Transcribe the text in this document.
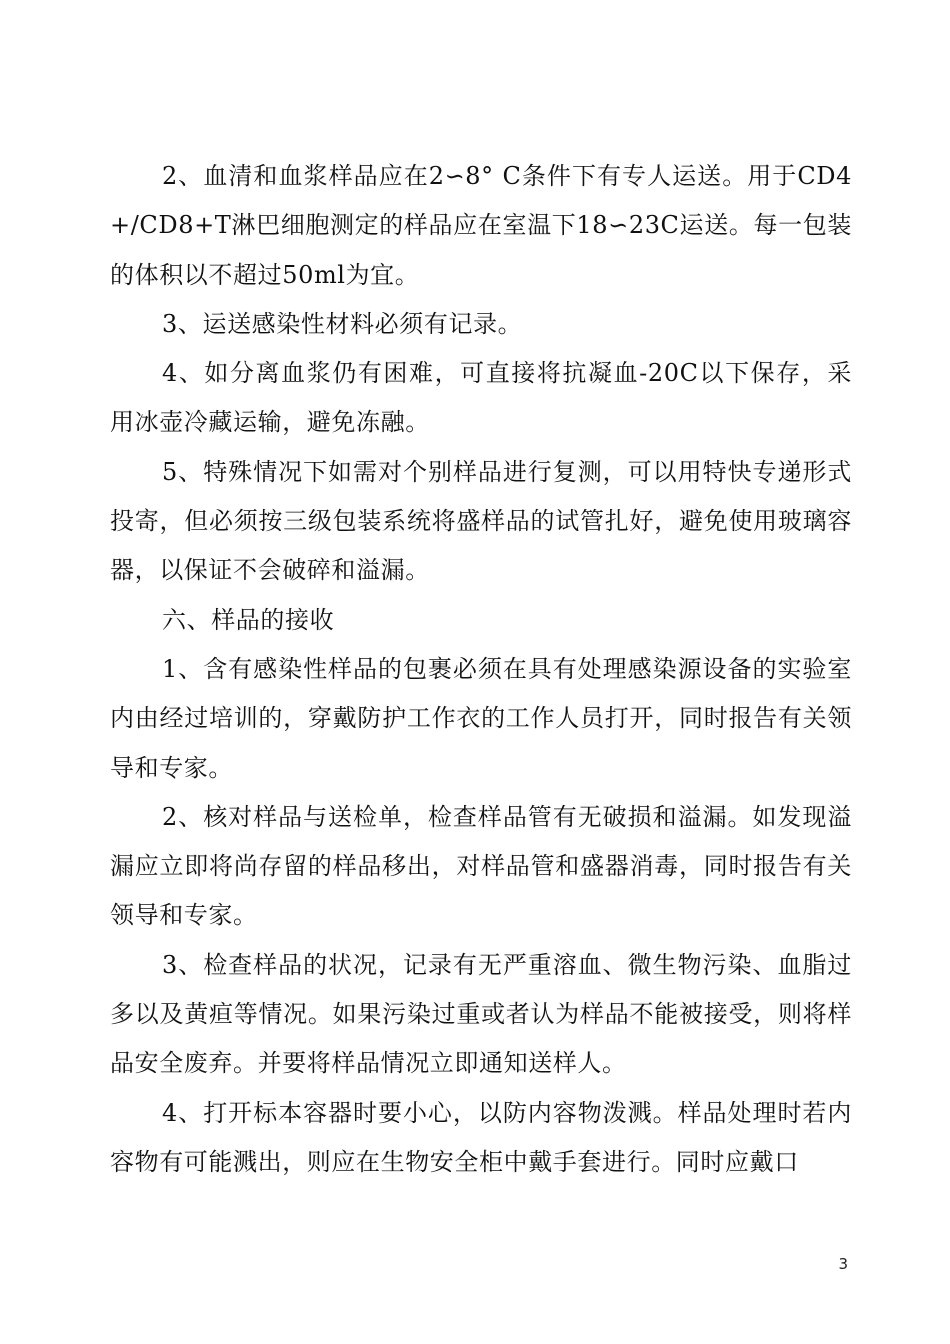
2、血清和血浆样品应在2∽8° C条件下有专人运送。用于CD4+/CD8+T淋巴细胞测定的样品应在室温下18∽23C运送。每一包装的体积以不超过50ml为宜。

3、运送感染性材料必须有记录。

4、如分离血浆仍有困难，可直接将抗凝血-20C以下保存，采用冰壶冷藏运输，避免冻融。

5、特殊情况下如需对个别样品进行复测，可以用特快专递形式投寄，但必须按三级包装系统将盛样品的试管扎好，避免使用玻璃容器，以保证不会破碎和溢漏。

六、样品的接收

1、含有感染性样品的包裹必须在具有处理感染源设备的实验室内由经过培训的，穿戴防护工作衣的工作人员打开，同时报告有关领导和专家。

2、核对样品与送检单，检查样品管有无破损和溢漏。如发现溢漏应立即将尚存留的样品移出，对样品管和盛器消毒，同时报告有关领导和专家。

3、检查样品的状况，记录有无严重溶血、微生物污染、血脂过多以及黄疸等情况。如果污染过重或者认为样品不能被接受，则将样品安全废弃。并要将样品情况立即通知送样人。

4、打开标本容器时要小心，以防内容物泼溅。样品处理时若内容物有可能溅出，则应在生物安全柜中戴手套进行。同时应戴口

3
